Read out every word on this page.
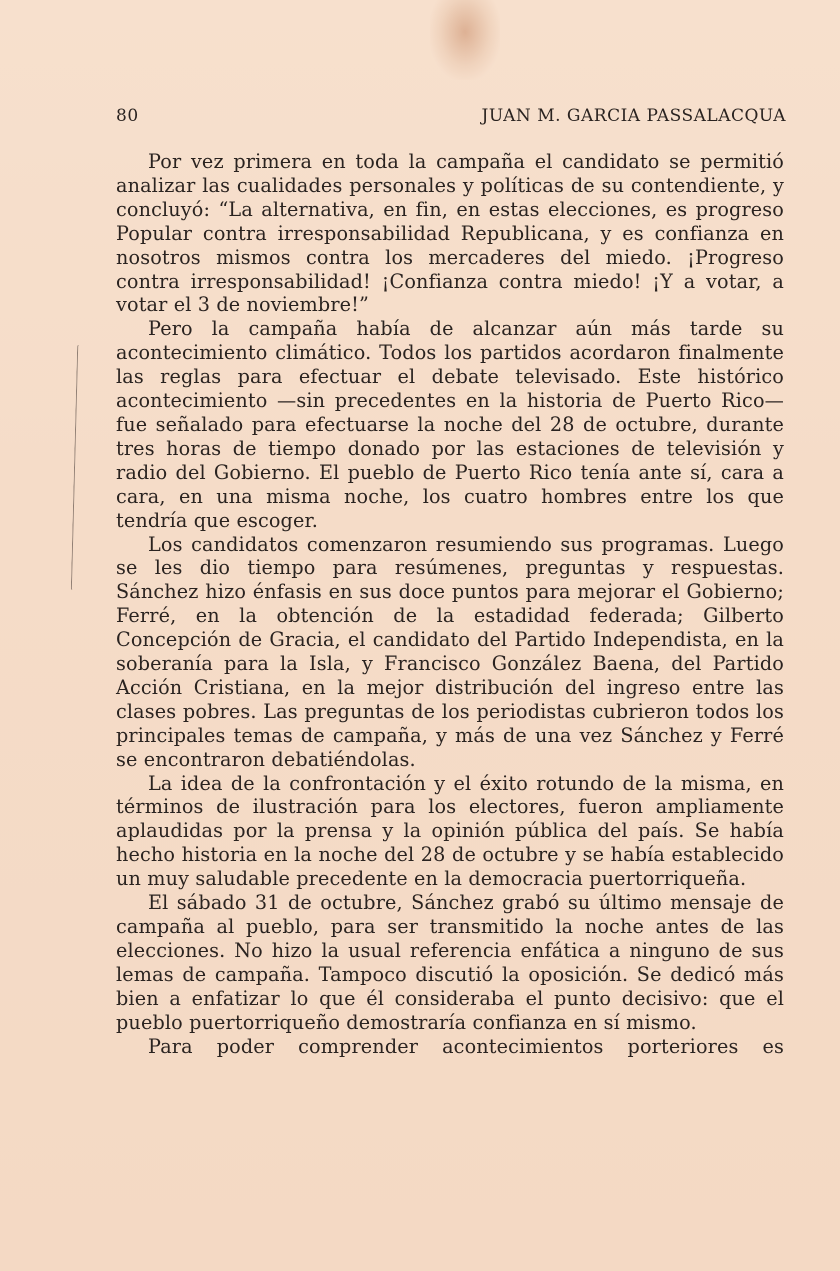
80	JUAN M. GARCIA PASSALACQUA

Por vez primera en toda la campaña el candidato se permitió analizar las cualidades personales y políticas de su contendiente, y concluyó: “La alternativa, en fin, en estas elecciones, es progreso Popular contra irresponsabilidad Republicana, y es confianza en nosotros mismos contra los mercaderes del miedo. ¡Progreso contra irresponsabilidad! ¡Confianza contra miedo! ¡Y a votar, a votar el 3 de noviembre!”

Pero la campaña había de alcanzar aún más tarde su acontecimiento climático. Todos los partidos acordaron finalmente las reglas para efectuar el debate televisado. Este histórico acontecimiento —sin precedentes en la historia de Puerto Rico— fue señalado para efectuarse la noche del 28 de octubre, durante tres horas de tiempo donado por las estaciones de televisión y radio del Gobierno. El pueblo de Puerto Rico tenía ante sí, cara a cara, en una misma noche, los cuatro hombres entre los que tendría que escoger.

Los candidatos comenzaron resumiendo sus programas. Luego se les dio tiempo para resúmenes, preguntas y respuestas. Sánchez hizo énfasis en sus doce puntos para mejorar el Gobierno; Ferré, en la obtención de la estadidad federada; Gilberto Concepción de Gracia, el candidato del Partido Independista, en la soberanía para la Isla, y Francisco González Baena, del Partido Acción Cristiana, en la mejor distribución del ingreso entre las clases pobres. Las preguntas de los periodistas cubrieron todos los principales temas de campaña, y más de una vez Sánchez y Ferré se encontraron debatiéndolas.

La idea de la confrontación y el éxito rotundo de la misma, en términos de ilustración para los electores, fueron ampliamente aplaudidas por la prensa y la opinión pública del país. Se había hecho historia en la noche del 28 de octubre y se había establecido un muy saludable precedente en la democracia puertorriqueña.

El sábado 31 de octubre, Sánchez grabó su último mensaje de campaña al pueblo, para ser transmitido la noche antes de las elecciones. No hizo la usual referencia enfática a ninguno de sus lemas de campaña. Tampoco discutió la oposición. Se dedicó más bien a enfatizar lo que él consideraba el punto decisivo: que el pueblo puertorriqueño demostraría confianza en sí mismo.

Para poder comprender acontecimientos porteriores es
